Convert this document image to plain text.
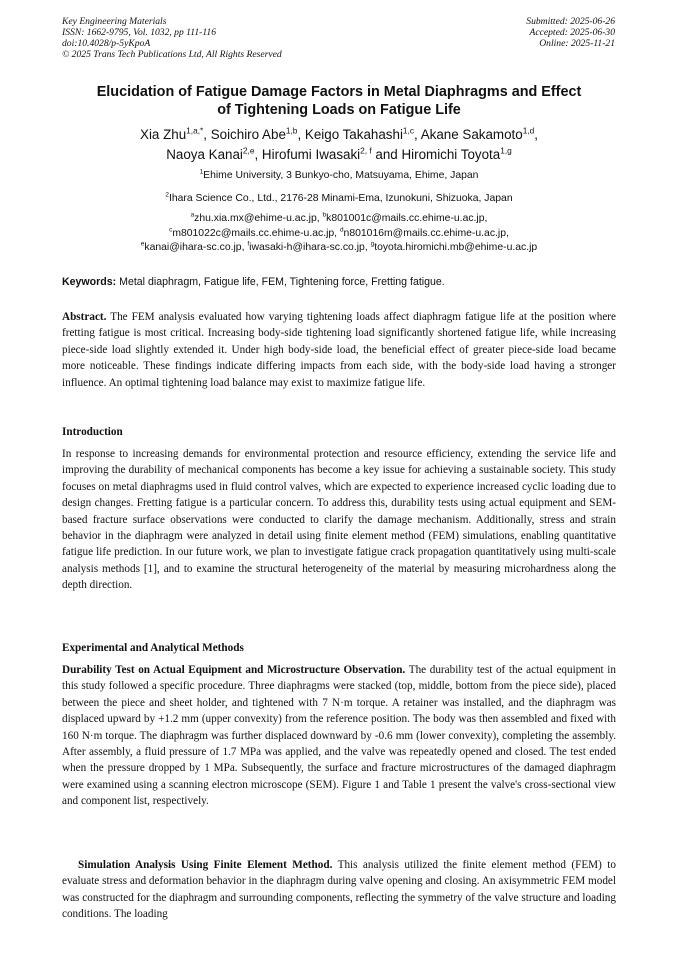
Key Engineering Materials
ISSN: 1662-9795, Vol. 1032, pp 111-116
doi:10.4028/p-5yKpoA
© 2025 Trans Tech Publications Ltd, All Rights Reserved
Submitted: 2025-06-26
Accepted: 2025-06-30
Online: 2025-11-21
Elucidation of Fatigue Damage Factors in Metal Diaphragms and Effect
of Tightening Loads on Fatigue Life
Xia Zhu$^{1,a,*}$, Soichiro Abe$^{1,b}$, Keigo Takahashi$^{1,c}$, Akane Sakamoto$^{1,d}$,
Naoya Kanai$^{2,e}$, Hirofumi Iwasaki$^{2, f}$ and Hiromichi Toyota$^{1,g}$
$^1$Ehime University, 3 Bunkyo-cho, Matsuyama, Ehime, Japan
$^2$Ihara Science Co., Ltd., 2176-28 Minami-Ema, Izunokuni, Shizuoka, Japan
$^a$zhu.xia.mx@ehime-u.ac.jp, $^b$k801001c@mails.cc.ehime-u.ac.jp,
$^c$m801022c@mails.cc.ehime-u.ac.jp, $^d$n801016m@mails.cc.ehime-u.ac.jp,
$^e$kanai@ihara-sc.co.jp, $^f$iwasaki-h@ihara-sc.co.jp, $^g$toyota.hiromichi.mb@ehime-u.ac.jp
Keywords: Metal diaphragm, Fatigue life, FEM, Tightening force, Fretting fatigue.
Abstract. The FEM analysis evaluated how varying tightening loads affect diaphragm fatigue life at the position where fretting fatigue is most critical. Increasing body-side tightening load significantly shortened fatigue life, while increasing piece-side load slightly extended it. Under high body-side load, the beneficial effect of greater piece-side load became more noticeable. These findings indicate differing impacts from each side, with the body-side load having a stronger influence. An optimal tightening load balance may exist to maximize fatigue life.
Introduction
In response to increasing demands for environmental protection and resource efficiency, extending the service life and improving the durability of mechanical components has become a key issue for achieving a sustainable society. This study focuses on metal diaphragms used in fluid control valves, which are expected to experience increased cyclic loading due to design changes. Fretting fatigue is a particular concern. To address this, durability tests using actual equipment and SEM-based fracture surface observations were conducted to clarify the damage mechanism. Additionally, stress and strain behavior in the diaphragm were analyzed in detail using finite element method (FEM) simulations, enabling quantitative fatigue life prediction. In our future work, we plan to investigate fatigue crack propagation quantitatively using multi-scale analysis methods [1], and to examine the structural heterogeneity of the material by measuring microhardness along the depth direction.
Experimental and Analytical Methods
Durability Test on Actual Equipment and Microstructure Observation. The durability test of the actual equipment in this study followed a specific procedure. Three diaphragms were stacked (top, middle, bottom from the piece side), placed between the piece and sheet holder, and tightened with 7 N·m torque. A retainer was installed, and the diaphragm was displaced upward by +1.2 mm (upper convexity) from the reference position. The body was then assembled and fixed with 160 N·m torque. The diaphragm was further displaced downward by -0.6 mm (lower convexity), completing the assembly. After assembly, a fluid pressure of 1.7 MPa was applied, and the valve was repeatedly opened and closed. The test ended when the pressure dropped by 1 MPa. Subsequently, the surface and fracture microstructures of the damaged diaphragm were examined using a scanning electron microscope (SEM). Figure 1 and Table 1 present the valve's cross-sectional view and component list, respectively.
Simulation Analysis Using Finite Element Method. This analysis utilized the finite element method (FEM) to evaluate stress and deformation behavior in the diaphragm during valve opening and closing. An axisymmetric FEM model was constructed for the diaphragm and surrounding components, reflecting the symmetry of the valve structure and loading conditions. The loading
